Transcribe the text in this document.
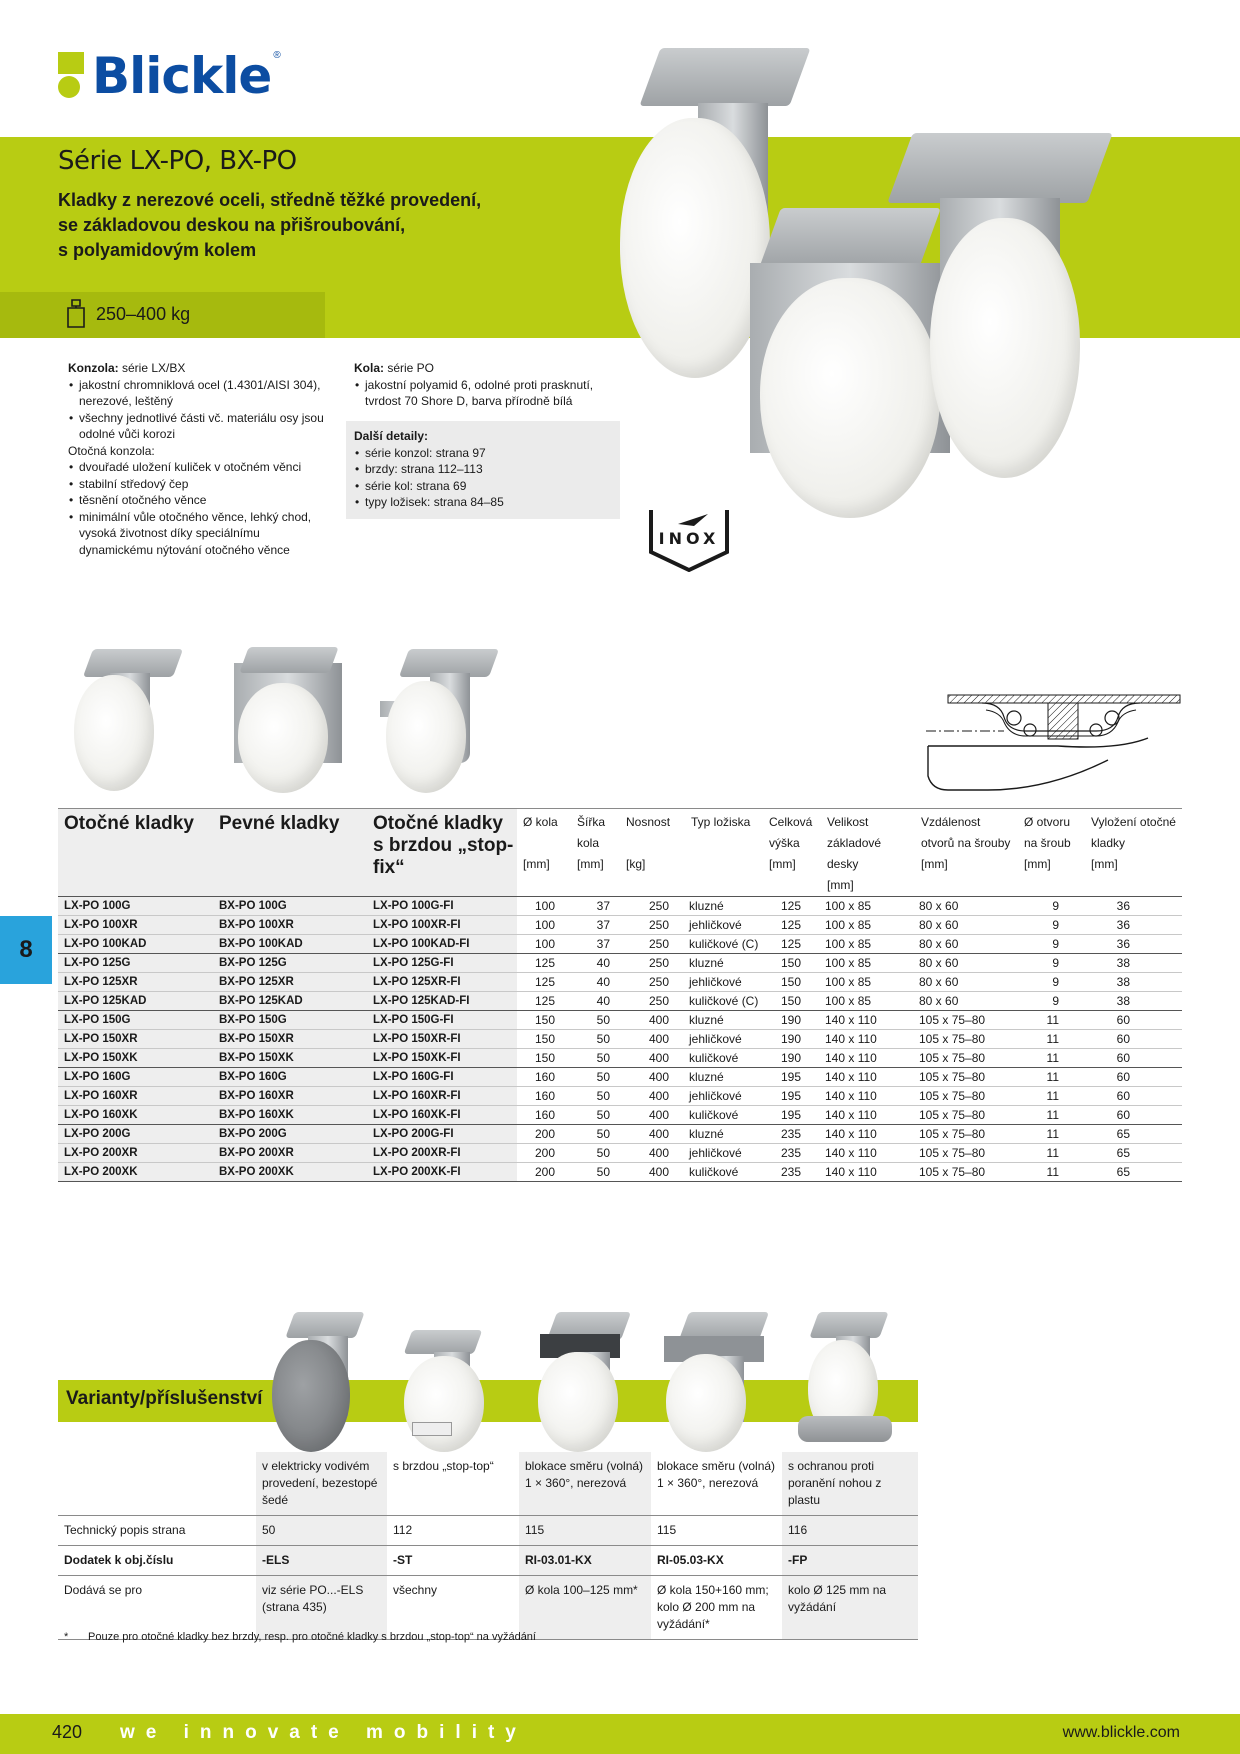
Blickle ®
Série LX-PO, BX-PO
Kladky z nerezové oceli, středně těžké provedení,
se základovou deskou na přišroubování,
s polyamidovým kolem
250–400 kg
Konzola: série LX/BX
• jakostní chromniklová ocel (1.4301/AISI 304), nerezové, leštěný
• všechny jednotlivé části vč. materiálu osy jsou odolné vůči korozi
Otočná konzola:
• dvouřadé uložení kuliček v otočném věnci
• stabilní středový čep
• těsnění otočného věnce
• minimální vůle otočného věnce, lehký chod, vysoká životnost díky speciálnímu dynamickému nýtování otočného věnce
Kola: série PO
• jakostní polyamid 6, odolné proti prasknutí, tvrdost 70 Shore D, barva přírodně bílá
Další detaily:
• série konzol: strana 97
• brzdy: strana 112–113
• série kol: strana 69
• typy ložisek: strana 84–85
INOX
8
Otočné kladky	Pevné kladky	Otočné kladky s brzdou „stop-fix“	Ø kola
[mm]	Šířka kola
[mm]	Nosnost
[kg]	Typ ložiska	Celková výška
[mm]	Velikost základové desky
[mm]	Vzdálenost otvorů na šrouby
[mm]	Ø otvoru na šroub
[mm]	Vyložení otočné kladky
[mm]

LX-PO 100G	BX-PO 100G	LX-PO 100G-FI	100	37	250	kluzné	125	100 x 85	80 x 60	9	36
LX-PO 100XR	BX-PO 100XR	LX-PO 100XR-FI	100	37	250	jehličkové	125	100 x 85	80 x 60	9	36
LX-PO 100KAD	BX-PO 100KAD	LX-PO 100KAD-FI	100	37	250	kuličkové (C)	125	100 x 85	80 x 60	9	36
LX-PO 125G	BX-PO 125G	LX-PO 125G-FI	125	40	250	kluzné	150	100 x 85	80 x 60	9	38
LX-PO 125XR	BX-PO 125XR	LX-PO 125XR-FI	125	40	250	jehličkové	150	100 x 85	80 x 60	9	38
LX-PO 125KAD	BX-PO 125KAD	LX-PO 125KAD-FI	125	40	250	kuličkové (C)	150	100 x 85	80 x 60	9	38
LX-PO 150G	BX-PO 150G	LX-PO 150G-FI	150	50	400	kluzné	190	140 x 110	105 x 75–80	11	60
LX-PO 150XR	BX-PO 150XR	LX-PO 150XR-FI	150	50	400	jehličkové	190	140 x 110	105 x 75–80	11	60
LX-PO 150XK	BX-PO 150XK	LX-PO 150XK-FI	150	50	400	kuličkové	190	140 x 110	105 x 75–80	11	60
LX-PO 160G	BX-PO 160G	LX-PO 160G-FI	160	50	400	kluzné	195	140 x 110	105 x 75–80	11	60
LX-PO 160XR	BX-PO 160XR	LX-PO 160XR-FI	160	50	400	jehličkové	195	140 x 110	105 x 75–80	11	60
LX-PO 160XK	BX-PO 160XK	LX-PO 160XK-FI	160	50	400	kuličkové	195	140 x 110	105 x 75–80	11	60
LX-PO 200G	BX-PO 200G	LX-PO 200G-FI	200	50	400	kluzné	235	140 x 110	105 x 75–80	11	65
LX-PO 200XR	BX-PO 200XR	LX-PO 200XR-FI	200	50	400	jehličkové	235	140 x 110	105 x 75–80	11	65
LX-PO 200XK	BX-PO 200XK	LX-PO 200XK-FI	200	50	400	kuličkové	235	140 x 110	105 x 75–80	11	65
Varianty/příslušenství
	v elektricky vodivém provedení, bezestopé šedé	s brzdou „stop-top“	blokace směru (volná) 1 × 360°, nerezová	blokace směru (volná) 1 × 360°, nerezová	s ochranou proti poranění nohou z plastu
Technický popis strana	50	112	115	115	116
Dodatek k obj.číslu	-ELS	-ST	RI-03.01-KX	RI-05.03-KX	-FP
Dodává se pro	viz série PO...-ELS (strana 435)	všechny	Ø kola 100–125 mm*	Ø kola 150+160 mm; kolo Ø 200 mm na vyžádání*	kolo Ø 125 mm na vyžádání
* Pouze pro otočné kladky bez brzdy, resp. pro otočné kladky s brzdou „stop-top“ na vyžádání
420 we innovate mobility	www.blickle.com
